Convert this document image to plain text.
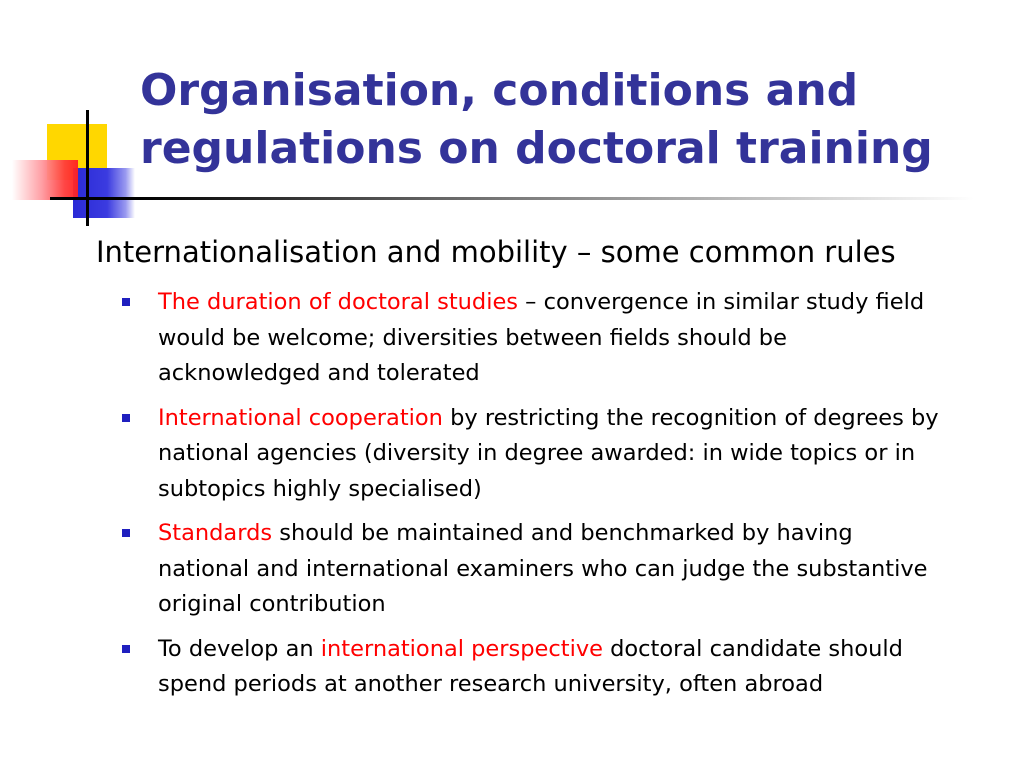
Organisation, conditions and
regulations on doctoral training

Internationalisation and mobility – some common rules

The duration of doctoral studies – convergence in similar study field would be welcome; diversities between fields should be acknowledged and tolerated
International cooperation by restricting the recognition of degrees by national agencies (diversity in degree awarded: in wide topics or in subtopics highly specialised)
Standards should be maintained and benchmarked by having national and international examiners who can judge the substantive original contribution
To develop an international perspective doctoral candidate should spend periods at another research university, often abroad
